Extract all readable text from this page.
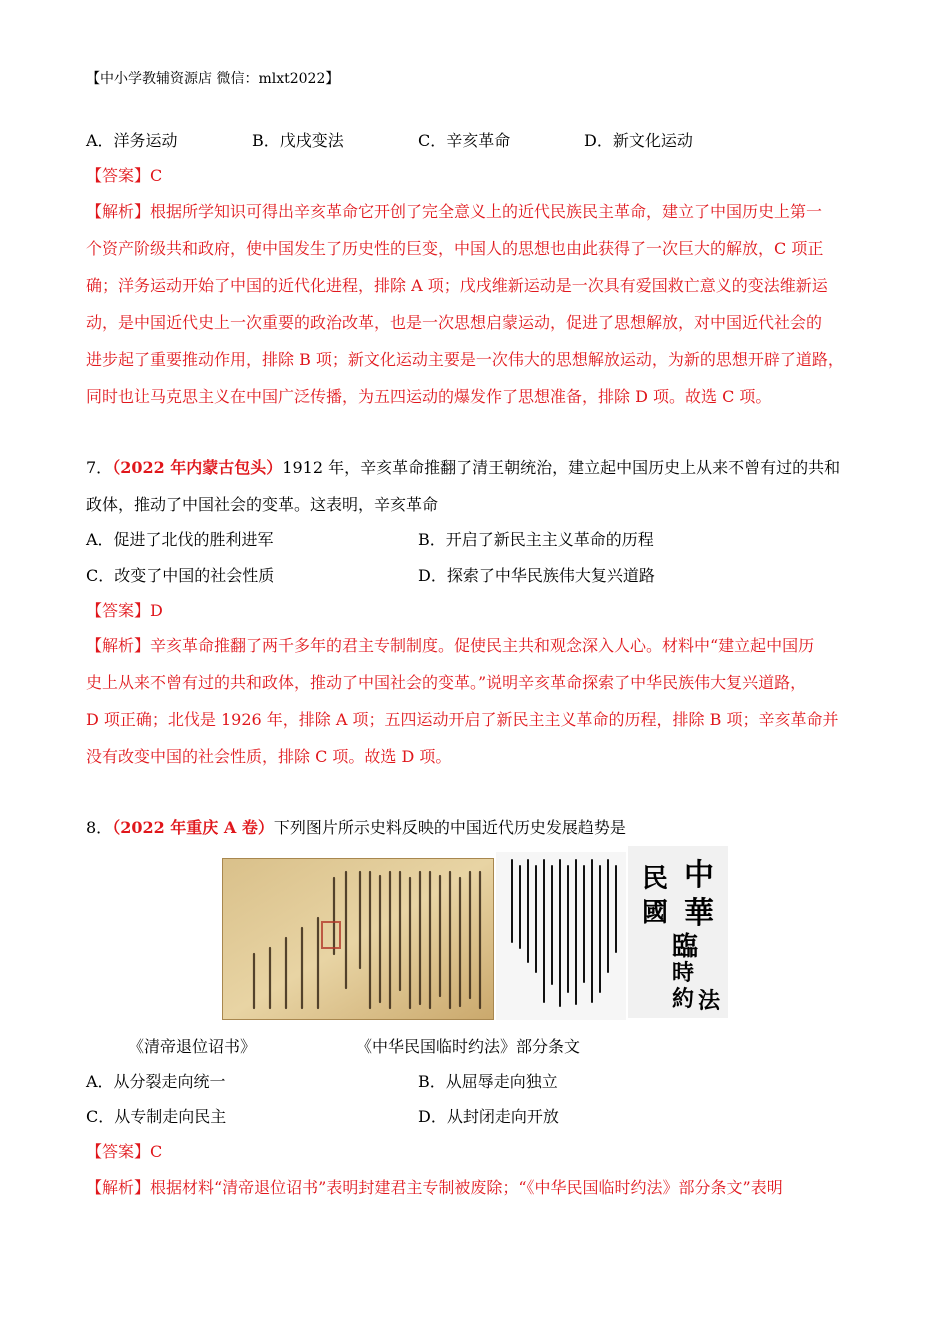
【中小学教辅资源店 微信：mlxt2022】
A．洋务运动	B．戊戌变法	C．辛亥革命	D．新文化运动
【答案】C
【解析】根据所学知识可得出辛亥革命它开创了完全意义上的近代民族民主革命，建立了中国历史上第一
个资产阶级共和政府，使中国发生了历史性的巨变，中国人的思想也由此获得了一次巨大的解放，C 项正
确；洋务运动开始了中国的近代化进程，排除 A 项；戊戌维新运动是一次具有爱国救亡意义的变法维新运
动，是中国近代史上一次重要的政治改革，也是一次思想启蒙运动，促进了思想解放，对中国近代社会的
进步起了重要推动作用，排除 B 项；新文化运动主要是一次伟大的思想解放运动，为新的思想开辟了道路，
同时也让马克思主义在中国广泛传播，为五四运动的爆发作了思想准备，排除 D 项。故选 C 项。
7．（2022 年内蒙古包头）1912 年，辛亥革命推翻了清王朝统治，建立起中国历史上从来不曾有过的共和
政体，推动了中国社会的变革。这表明，辛亥革命
A．促进了北伐的胜利进军	B．开启了新民主主义革命的历程
C．改变了中国的社会性质	D．探索了中华民族伟大复兴道路
【答案】D
【解析】辛亥革命推翻了两千多年的君主专制制度。促使民主共和观念深入人心。材料中“建立起中国历
史上从来不曾有过的共和政体，推动了中国社会的变革。”说明辛亥革命探索了中华民族伟大复兴道路，
D 项正确；北伐是 1926 年，排除 A 项；五四运动开启了新民主主义革命的历程，排除 B 项；辛亥革命并
没有改变中国的社会性质，排除 C 项。故选 D 项。
8．（2022 年重庆 A 卷）下列图片所示史料反映的中国近代历史发展趋势是
中
華
民
國
臨
時
約 法
《清帝退位诏书》	《中华民国临时约法》部分条文
A．从分裂走向统一	B．从屈辱走向独立
C．从专制走向民主	D．从封闭走向开放
【答案】C
【解析】根据材料“清帝退位诏书”表明封建君主专制被废除；“《中华民国临时约法》部分条文”表明
